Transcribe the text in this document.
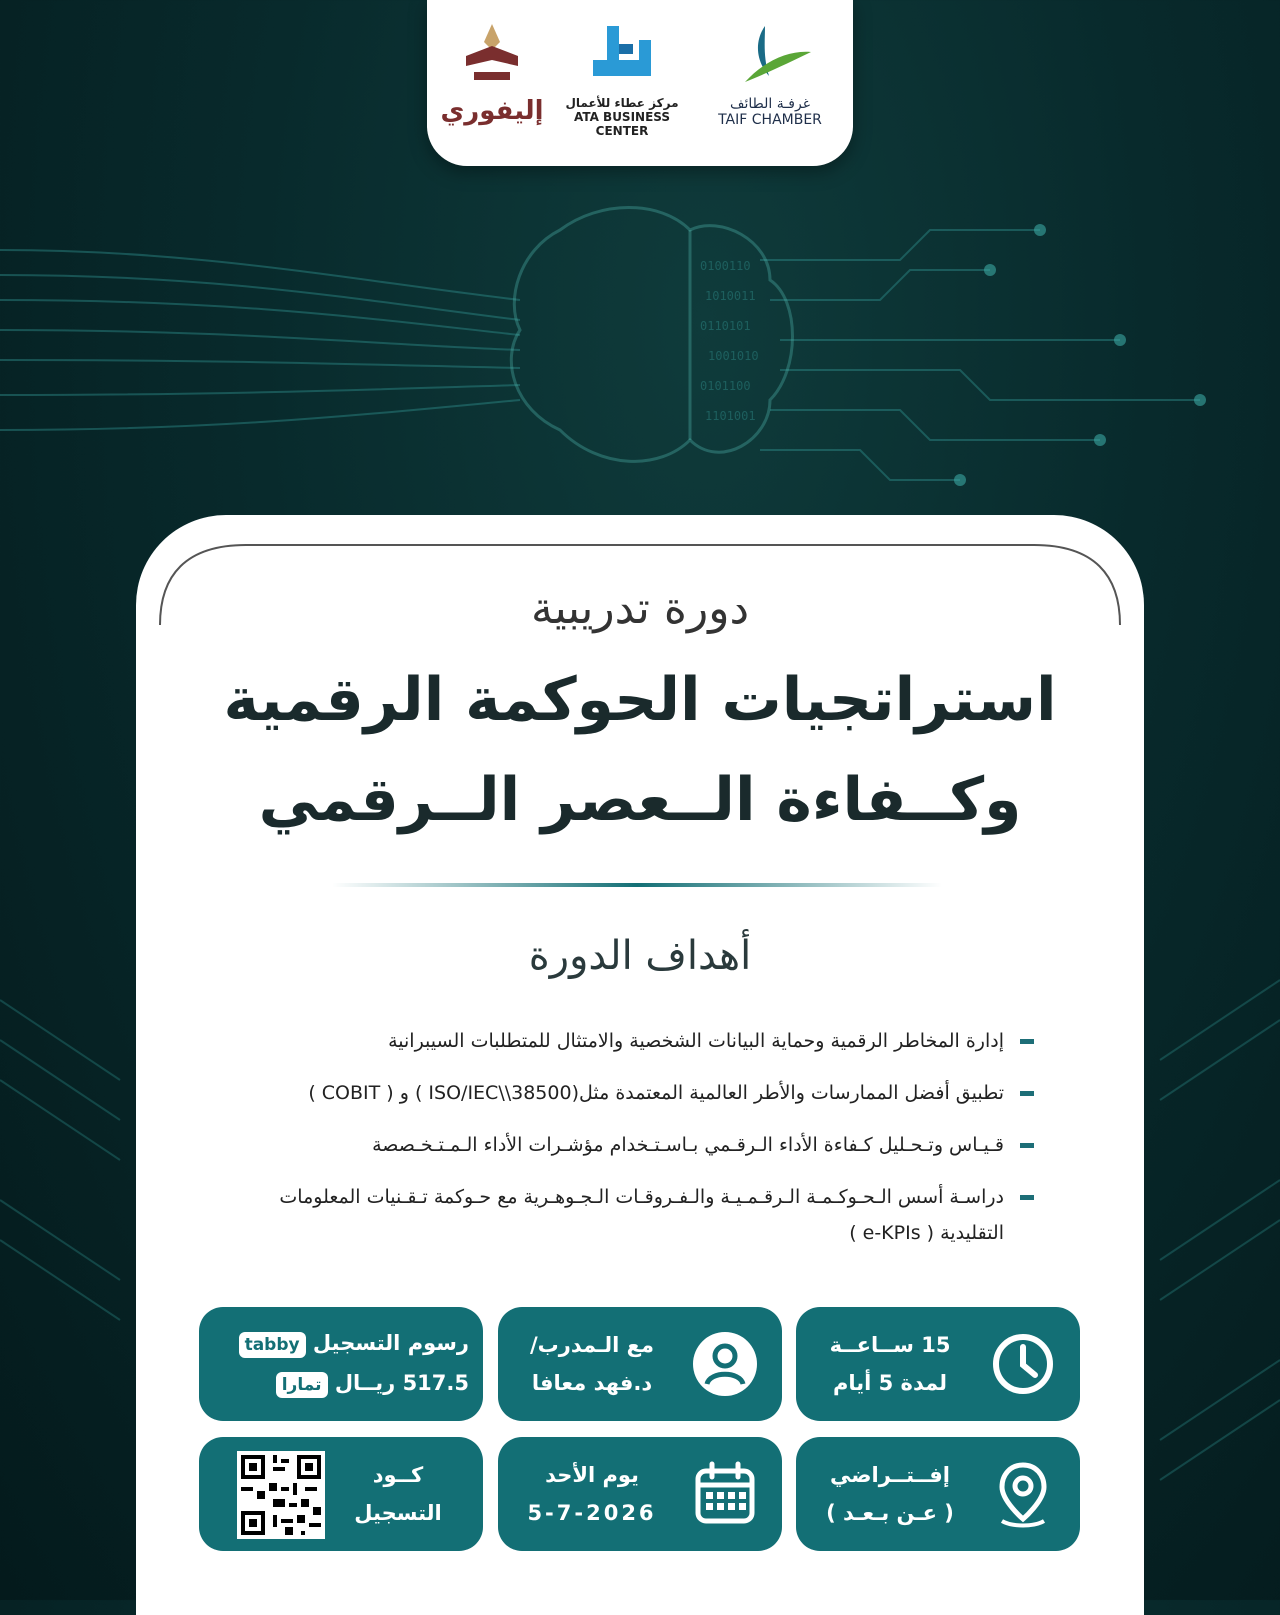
0100110
1010011
0110101
1001010
0101100
1101001
غرفـة الطائف
TAIF CHAMBER
مركز عطاء للأعمال
ATA BUSINESS CENTER
إليفوري
دورة تدريبية
استراتجيات الحوكمة الرقمية
وكــفاءة الــعصر الــرقمي
أهداف الدورة
إدارة المخاطر الرقمية وحماية البيانات الشخصية والامتثال للمتطلبات السيبرانية
تطبيق أفضل الممارسات والأطر العالمية المعتمدة مثل(ISO/IEC\\38500 ) و ( COBIT )
قـيـاس وتـحـليل كـفاءة الأداء الـرقـمي بـاسـتـخدام مؤشـرات الأداء الـمـتـخـصصة
دراسـة أسس الـحـوكـمـة الـرقـمـيـة والـفـروقـات الـجـوهـرية مع حـوكمة تـقـنيات المعلومات التقليدية ( e-KPIs )
15 ســاعــة
لمدة 5 أيام
مع الـمدرب/
د.فهد معافا
رسوم التسجيل tabby
517.5 ريــال تمارا
إفــتــراضي
( عـن بـعـد )
يوم الأحد
5-7-2026
كــود
التسجيل
